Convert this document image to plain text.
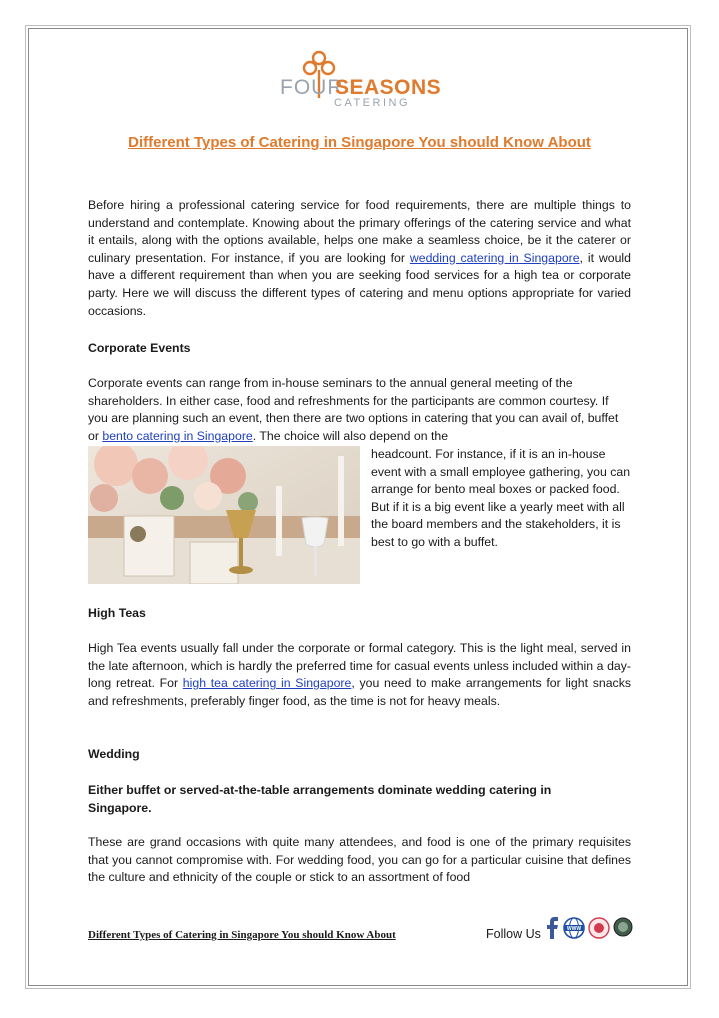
FOUR
SEASONS
CATERING
Different Types of Catering in Singapore You should Know About

Before hiring a professional catering service for food requirements, there are multiple things to understand and contemplate. Knowing about the primary offerings of the catering service and what it entails, along with the options available, helps one make a seamless choice, be it the caterer or culinary presentation. For instance, if you are looking for wedding catering in Singapore, it would have a different requirement than when you are seeking food services for a high tea or corporate party. Here we will discuss the different types of catering and menu options appropriate for varied occasions.

Corporate Events

Corporate events can range from in-house seminars to the annual general meeting of the shareholders. In either case, food and refreshments for the participants are common courtesy. If you are planning such an event, then there are two options in catering that you can avail of, buffet or bento catering in Singapore. The choice will also depend on the

headcount. For instance, if it is an in-house event with a small employee gathering, you can arrange for bento meal boxes or packed food. But if it is a big event like a yearly meet with all the board members and the stakeholders, it is best to go with a buffet.

High Teas

High Tea events usually fall under the corporate or formal category. This is the light meal, served in the late afternoon, which is hardly the preferred time for casual events unless included within a day-long retreat. For high tea catering in Singapore, you need to make arrangements for light snacks and refreshments, preferably finger food, as the time is not for heavy meals.

Wedding

Either buffet or served-at-the-table arrangements dominate wedding catering in Singapore.

These are grand occasions with quite many attendees, and food is one of the primary requisites that you cannot compromise with. For wedding food, you can go for a particular cuisine that defines the culture and ethnicity of the couple or stick to an assortment of food

Different Types of Catering in Singapore You should Know About	Follow Us	WWW
